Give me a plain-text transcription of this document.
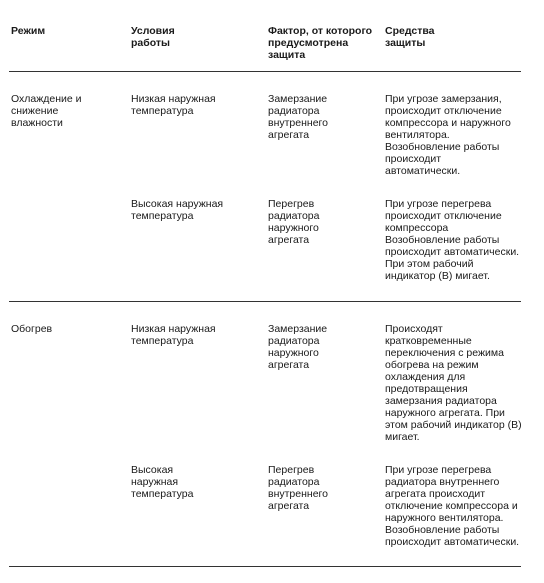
Режим	Условия
работы
Фактор, от которого
предусмотрена
защита
Средства
защиты
Охлаждение и
снижение
влажности
Низкая наружная
температура
Замерзание
радиатора
внутреннего
агрегата
При угрозе замерзания,
происходит отключение
компрессора и наружного
вентилятора.
Возобновление работы
происходит
автоматически.
Высокая наружная
температура
Перегрев
радиатора
наружного
агрегата
При угрозе перегрева
происходит отключение
компрессора
Возобновление работы
происходит автоматически.
При этом рабочий
индикатор (В) мигает.
Обогрев	Низкая наружная
температура
Замерзание
радиатора
наружного
агрегата
Происходят
кратковременные
переключения с режима
обогрева на режим
охлаждения для
предотвращения
замерзания радиатора
наружного агрегата. При
этом рабочий индикатор (В)
мигает.
Высокая
наружная
температура
Перегрев
радиатора
внутреннего
агрегата
При угрозе перегрева
радиатора внутреннего
агрегата происходит
отключение компрессора и
наружного вентилятора.
Возобновление работы
происходит автоматически.
